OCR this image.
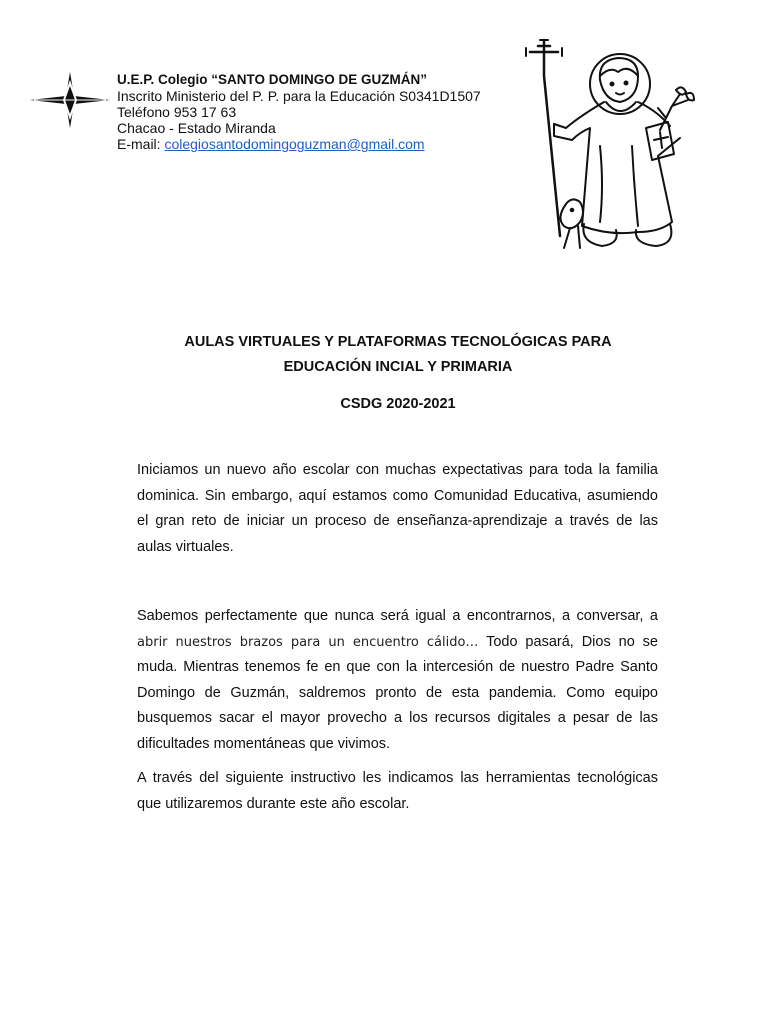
U.E.P. Colegio “SANTO DOMINGO DE GUZMÁN”
Inscrito Ministerio del P. P. para la Educación S0341D1507
Teléfono 953 17 63
Chacao - Estado Miranda
E-mail: colegiosantodomingoguzman@gmail.com
AULAS VIRTUALES Y PLATAFORMAS TECNOLÓGICAS PARA
EDUCACIÓN INCIAL Y PRIMARIA
CSDG 2020-2021

Iniciamos un nuevo año escolar con muchas expectativas para toda la familia dominica. Sin embargo, aquí estamos como Comunidad Educativa, asumiendo el gran reto de iniciar un proceso de enseñanza-aprendizaje a través de las aulas virtuales.

Sabemos perfectamente que nunca será igual a encontrarnos, a conversar, a abrir nuestros brazos para un encuentro cálido… Todo pasará, Dios no se muda. Mientras tenemos fe en que con la intercesión de nuestro Padre Santo Domingo de Guzmán, saldremos pronto de esta pandemia. Como equipo busquemos sacar el mayor provecho a los recursos digitales a pesar de las dificultades momentáneas que vivimos.

A través del siguiente instructivo les indicamos las herramientas tecnológicas que utilizaremos durante este año escolar.
